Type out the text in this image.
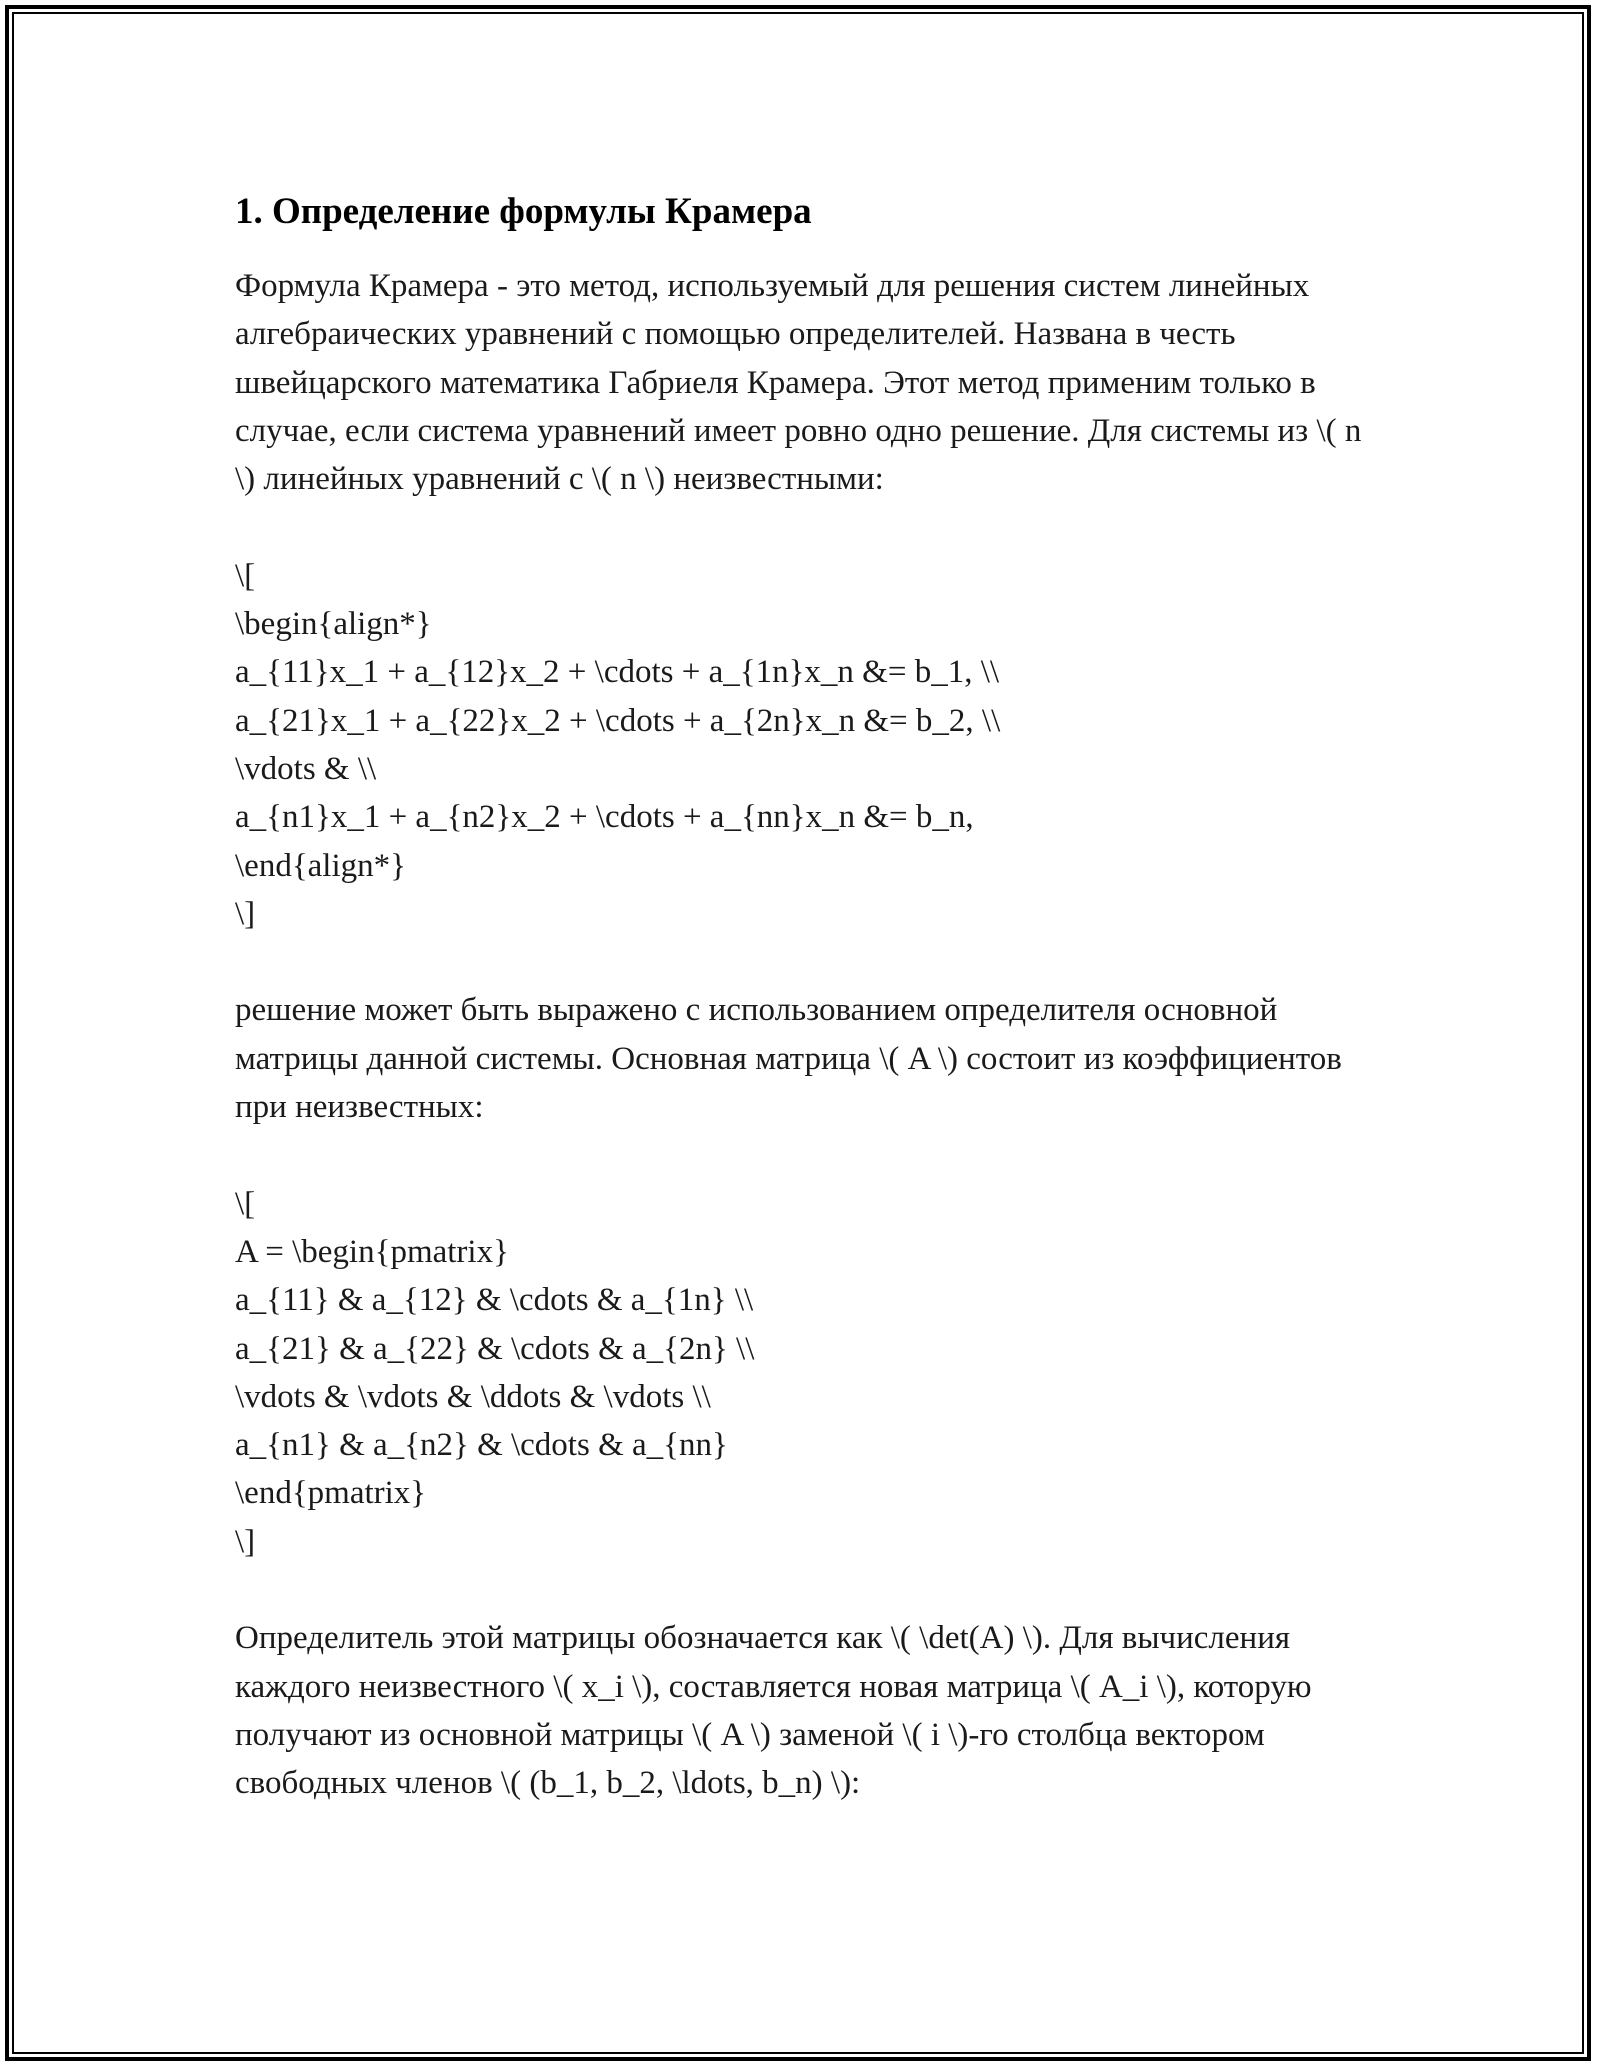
1. Определение формулы Крамера

Формула Крамера - это метод, используемый для решения систем линейных алгебраических уравнений с помощью определителей. Названа в честь швейцарского математика Габриеля Крамера. Этот метод применим только в случае, если система уравнений имеет ровно одно решение. Для системы из \( n \) линейных уравнений с \( n \) неизвестными:

\[
\begin{align*}
a_{11}x_1 + a_{12}x_2 + \cdots + a_{1n}x_n &= b_1, \\
a_{21}x_1 + a_{22}x_2 + \cdots + a_{2n}x_n &= b_2, \\
\vdots & \\
a_{n1}x_1 + a_{n2}x_2 + \cdots + a_{nn}x_n &= b_n,
\end{align*}
\]

решение может быть выражено с использованием определителя основной матрицы данной системы. Основная матрица \( A \) состоит из коэффициентов при неизвестных:

\[
A = \begin{pmatrix}
a_{11} & a_{12} & \cdots & a_{1n} \\
a_{21} & a_{22} & \cdots & a_{2n} \\
\vdots & \vdots & \ddots & \vdots \\
a_{n1} & a_{n2} & \cdots & a_{nn}
\end{pmatrix}
\]

Определитель этой матрицы обозначается как \( \det(A) \). Для вычисления каждого неизвестного \( x_i \), составляется новая матрица \( A_i \), которую получают из основной матрицы \( A \) заменой \( i \)-го столбца вектором свободных членов \( (b_1, b_2, \ldots, b_n) \):
